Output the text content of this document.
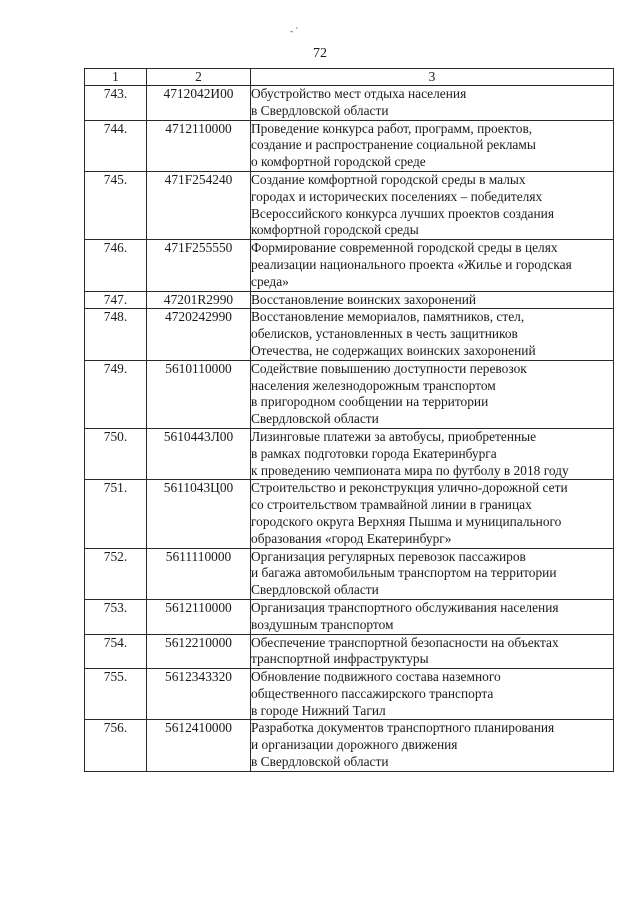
- `
72
1	2	3
743.	4712042И00	Обустройство мест отдыха населения
в Свердловской области

744.	4712110000	Проведение конкурса работ, программ, проектов,
создание и распространение социальной рекламы
о комфортной городской среде

745.	471F254240	Создание комфортной городской среды в малых
городах и исторических поселениях – победителях
Всероссийского конкурса лучших проектов создания
комфортной городской среды

746.	471F255550	Формирование современной городской среды в целях
реализации национального проекта «Жилье и городская
среда»

747.	47201R2990	Восстановление воинских захоронений

748.	4720242990	Восстановление мемориалов, памятников, стел,
обелисков, установленных в честь защитников
Отечества, не содержащих воинских захоронений

749.	5610110000	Содействие повышению доступности перевозок
населения железнодорожным транспортом
в пригородном сообщении на территории
Свердловской области

750.	5610443Л00	Лизинговые платежи за автобусы, приобретенные
в рамках подготовки города Екатеринбурга
к проведению чемпионата мира по футболу в 2018 году

751.	5611043Ц00	Строительство и реконструкция улично-дорожной сети
со строительством трамвайной линии в границах
городского округа Верхняя Пышма и муниципального
образования «город Екатеринбург»

752.	5611110000	Организация регулярных перевозок пассажиров
и багажа автомобильным транспортом на территории
Свердловской области

753.	5612110000	Организация транспортного обслуживания населения
воздушным транспортом

754.	5612210000	Обеспечение транспортной безопасности на объектах
транспортной инфраструктуры

755.	5612343320	Обновление подвижного состава наземного
общественного пассажирского транспорта
в городе Нижний Тагил

756.	5612410000	Разработка документов транспортного планирования
и организации дорожного движения
в Свердловской области
